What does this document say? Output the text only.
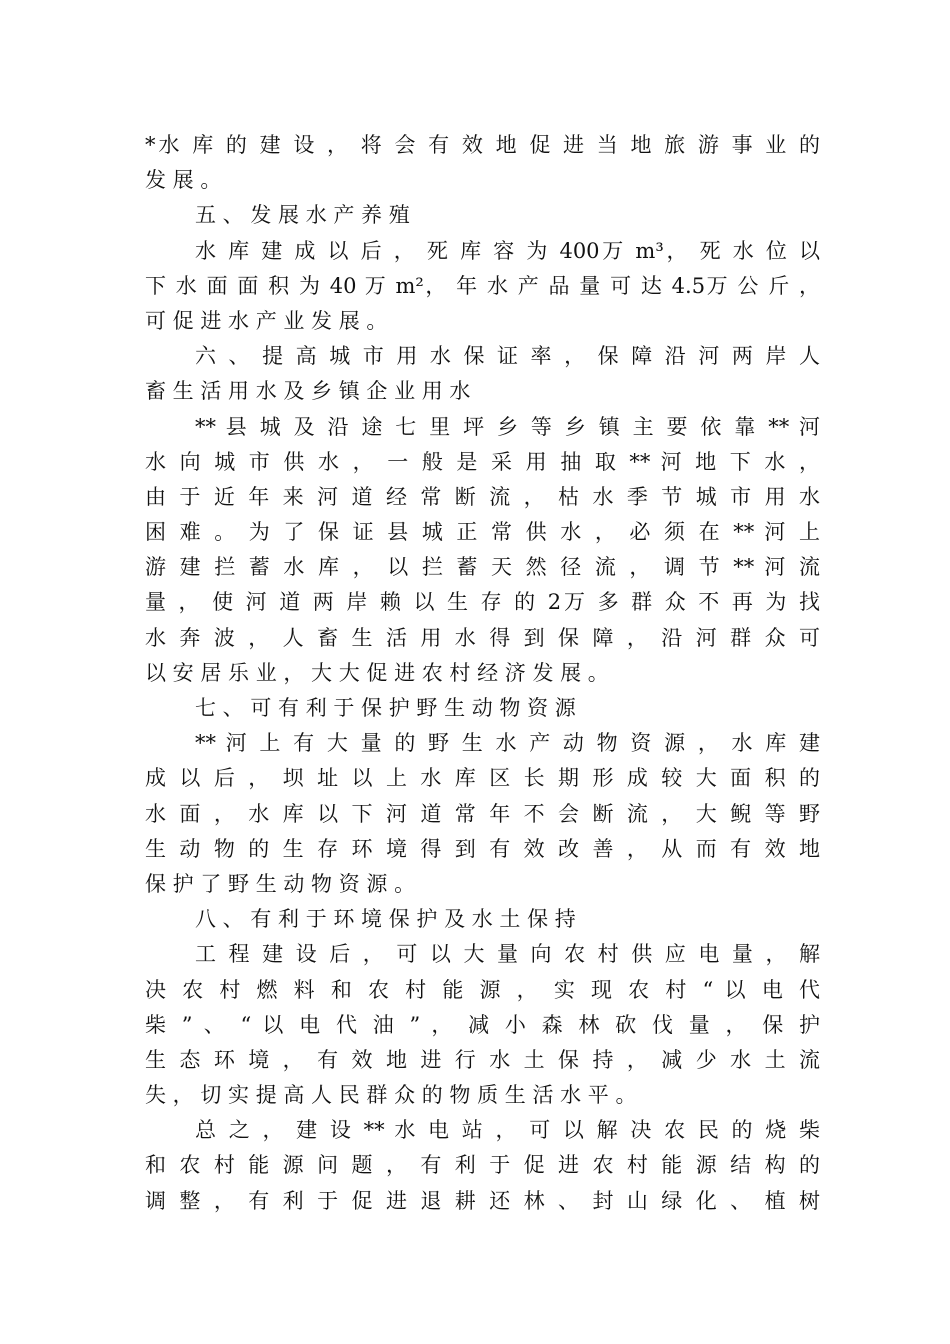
*水 库 的 建 设 ， 将 会 有 效 地 促 进 当 地 旅 游 事 业 的
发 展 。
五 、 发 展 水 产 养 殖
水 库 建 成 以 后 ， 死 库 容 为 400万 m³， 死 水 位 以
下 水 面 面 积 为 40 万 m²， 年 水 产 品 量 可 达 4.5万 公 斤 ，
可 促 进 水 产 业 发 展 。
六 、 提 高 城 市 用 水 保 证 率 ， 保 障 沿 河 两 岸 人
畜 生 活 用 水 及 乡 镇 企 业 用 水
** 县 城 及 沿 途 七 里 坪 乡 等 乡 镇 主 要 依 靠 ** 河
水 向 城 市 供 水 ， 一 般 是 采 用 抽 取 ** 河 地 下 水 ，
由 于 近 年 来 河 道 经 常 断 流 ， 枯 水 季 节 城 市 用 水
困 难 。 为 了 保 证 县 城 正 常 供 水 ， 必 须 在 ** 河 上
游 建 拦 蓄 水 库 ， 以 拦 蓄 天 然 径 流 ， 调 节 ** 河 流
量 ， 使 河 道 两 岸 赖 以 生 存 的 2万 多 群 众 不 再 为 找
水 奔 波 ， 人 畜 生 活 用 水 得 到 保 障 ， 沿 河 群 众 可
以 安 居 乐 业 ， 大 大 促 进 农 村 经 济 发 展 。
七 、 可 有 利 于 保 护 野 生 动 物 资 源
** 河 上 有 大 量 的 野 生 水 产 动 物 资 源 ， 水 库 建
成 以 后 ， 坝 址 以 上 水 库 区 长 期 形 成 较 大 面 积 的
水 面 ， 水 库 以 下 河 道 常 年 不 会 断 流 ， 大 鲵 等 野
生 动 物 的 生 存 环 境 得 到 有 效 改 善 ， 从 而 有 效 地
保 护 了 野 生 动 物 资 源 。
八 、 有 利 于 环 境 保 护 及 水 土 保 持
工 程 建 设 后 ， 可 以 大 量 向 农 村 供 应 电 量 ， 解
决 农 村 燃 料 和 农 村 能 源 ， 实 现 农 村 “ 以 电 代
柴 ” 、 “ 以 电 代 油 ” ， 减 小 森 林 砍 伐 量 ， 保 护
生 态 环 境 ， 有 效 地 进 行 水 土 保 持 ， 减 少 水 土 流
失 ， 切 实 提 高 人 民 群 众 的 物 质 生 活 水 平 。
总 之 ， 建 设 ** 水 电 站 ， 可 以 解 决 农 民 的 烧 柴
和 农 村 能 源 问 题 ， 有 利 于 促 进 农 村 能 源 结 构 的
调 整 ， 有 利 于 促 进 退 耕 还 林 、 封 山 绿 化 、 植 树
